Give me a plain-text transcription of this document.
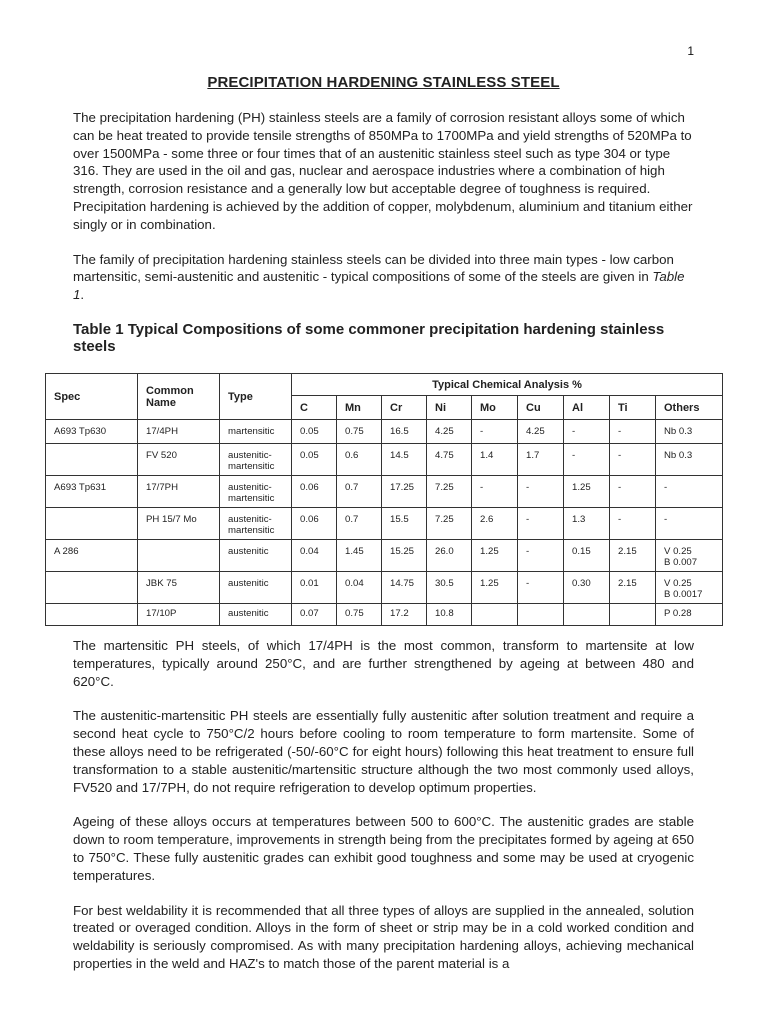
1
PRECIPITATION HARDENING STAINLESS STEEL

The precipitation hardening (PH) stainless steels are a family of corrosion resistant alloys some of which can be heat treated to provide tensile strengths of 850MPa to 1700MPa and yield strengths of 520MPa to over 1500MPa - some three or four times that of an austenitic stainless steel such as type 304 or type 316. They are used in the oil and gas, nuclear and aerospace industries where a combination of high strength, corrosion resistance and a generally low but acceptable degree of toughness is required. Precipitation hardening is achieved by the addition of copper, molybdenum, aluminium and titanium either singly or in combination.

The family of precipitation hardening stainless steels can be divided into three main types - low carbon martensitic, semi-austenitic and austenitic - typical compositions of some of the steels are given in Table 1.

Table 1 Typical Compositions of some commoner precipitation hardening stainless steels
Spec	Common Name	Type	Typical Chemical Analysis %								
			C	Mn	Cr	Ni	Mo	Cu	Al	Ti	Others
A693 Tp630	17/4PH	martensitic	0.05	0.75	16.5	4.25	-	4.25	-	-	Nb 0.3
	FV 520	austenitic-martensitic	0.05	0.6	14.5	4.75	1.4	1.7	-	-	Nb 0.3
A693 Tp631	17/7PH	austenitic-martensitic	0.06	0.7	17.25	7.25	-	-	1.25	-	-
	PH 15/7 Mo	austenitic-martensitic	0.06	0.7	15.5	7.25	2.6	-	1.3	-	-
A 286		austenitic	0.04	1.45	15.25	26.0	1.25	-	0.15	2.15	V 0.25
B 0.007
	JBK 75	austenitic	0.01	0.04	14.75	30.5	1.25	-	0.30	2.15	V 0.25
B 0.0017
	17/10P	austenitic	0.07	0.75	17.2	10.8					P 0.28

The martensitic PH steels, of which 17/4PH is the most common, transform to martensite at low temperatures, typically around 250°C, and are further strengthened by ageing at between 480 and 620°C.

The austenitic-martensitic PH steels are essentially fully austenitic after solution treatment and require a second heat cycle to 750°C/2 hours before cooling to room temperature to form martensite. Some of these alloys need to be refrigerated (-50/-60°C for eight hours) following this heat treatment to ensure full transformation to a stable austenitic/martensitic structure although the two most commonly used alloys, FV520 and 17/7PH, do not require refrigeration to develop optimum properties.

Ageing of these alloys occurs at temperatures between 500 to 600°C. The austenitic grades are stable down to room temperature, improvements in strength being from the precipitates formed by ageing at 650 to 750°C. These fully austenitic grades can exhibit good toughness and some may be used at cryogenic temperatures.

For best weldability it is recommended that all three types of alloys are supplied in the annealed, solution treated or overaged condition. Alloys in the form of sheet or strip may be in a cold worked condition and weldability is seriously compromised. As with many precipitation hardening alloys, achieving mechanical properties in the weld and HAZ's to match those of the parent material is a
